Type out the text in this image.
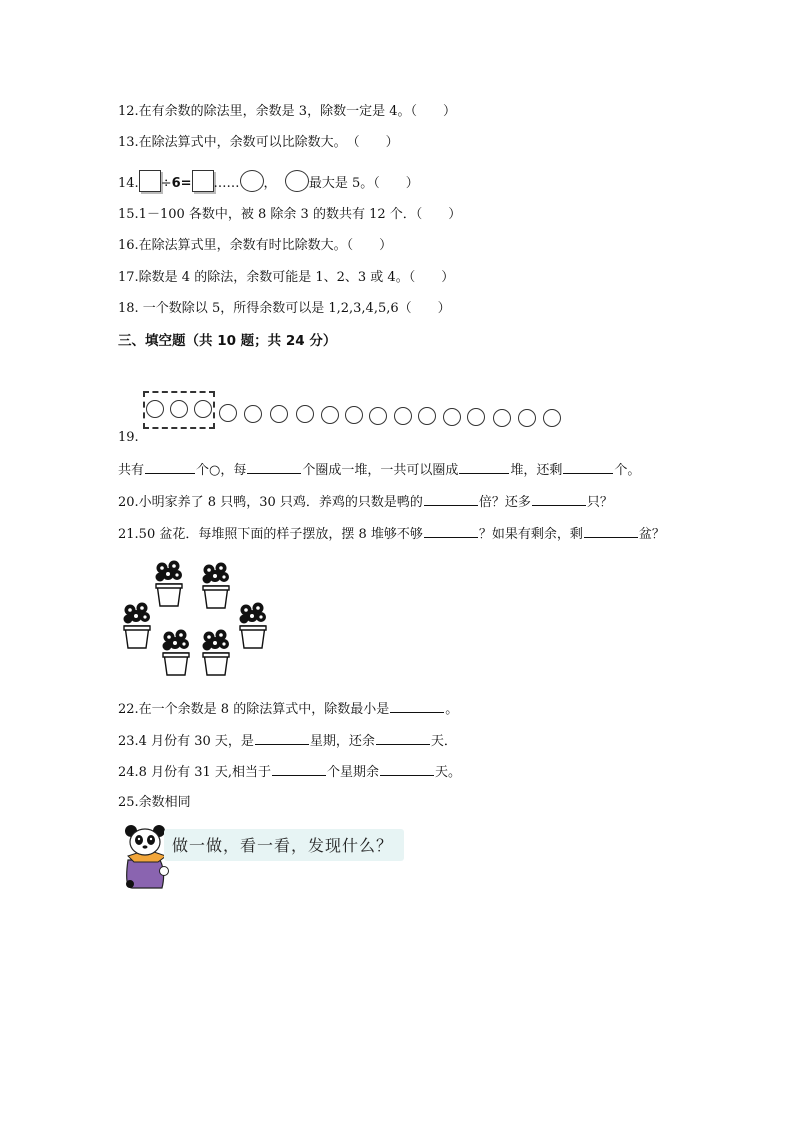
12.在有余数的除法里，余数是 3，除数一定是 4。（　　）
13.在除法算式中，余数可以比除数大。　（　　）
14. ÷6= …… ， 最大是 5。（　　）
15.1－100 各数中，被 8 除余 3 的数共有 12 个．（　　）
16.在除法算式里，余数有时比除数大。（　　）
17.除数是 4 的除法，余数可能是 1、2、3 或 4。（　　）
18. 一个数除以 5，所得余数可以是 1,2,3,4,5,6（　　）
三、填空题（共 10 题；共 24 分）
19.
共有	个○，每	个圈成一堆，一共可以圈成	堆，还剩	个。
20.小明家养了 8 只鸭，30 只鸡．养鸡的只数是鸭的	倍？还多	只？
21.50 盆花．每堆照下面的样子摆放，摆 8 堆够不够	？如果有剩余，剩	盆？
22.在一个余数是 8 的除法算式中，除数最小是	。
23.4 月份有 30 天，是	星期，还余	天．
24.8 月份有 31 天,相当于	个星期余	天。
25.余数相同
做一做，看一看，发现什么？
